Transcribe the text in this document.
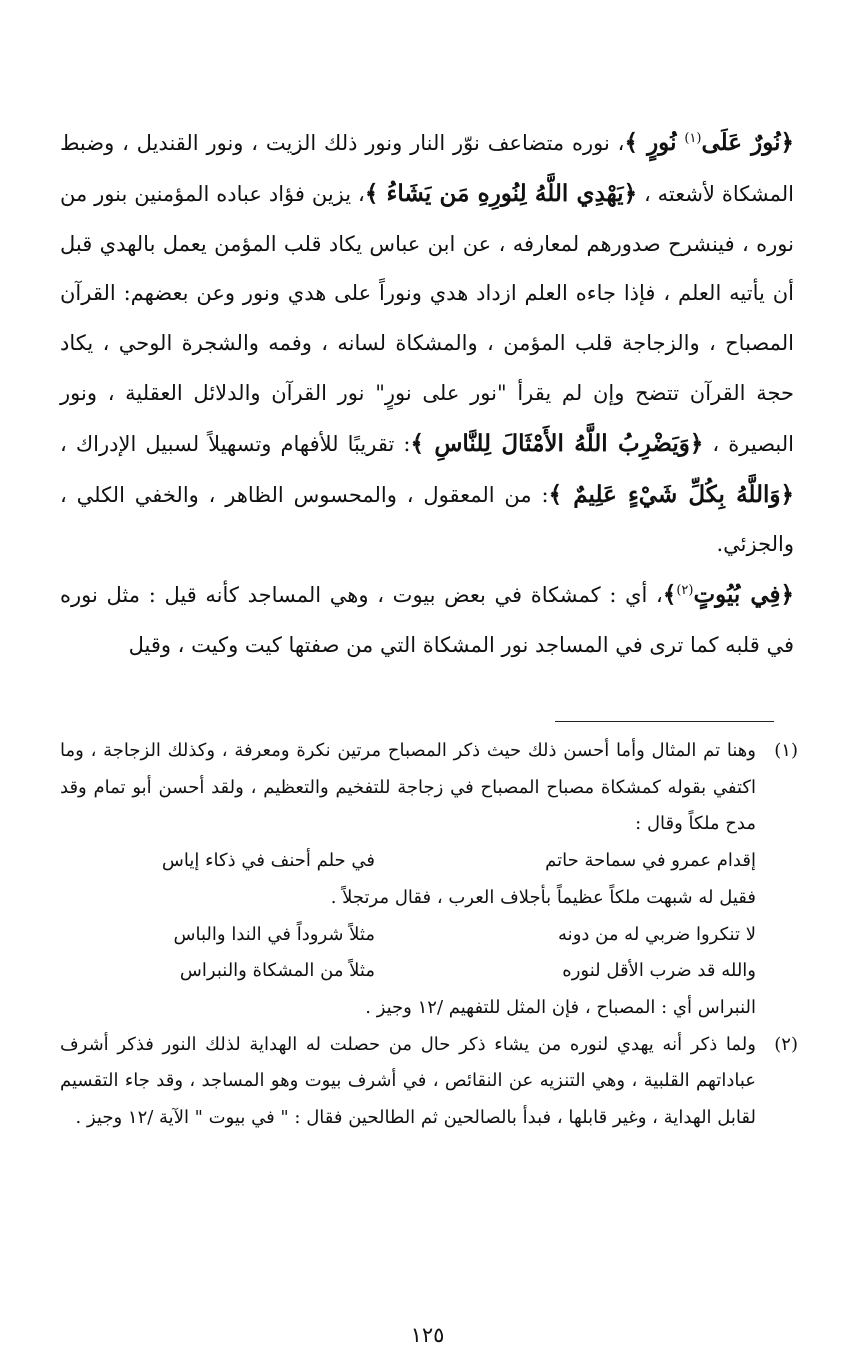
﴿نُورٌ عَلَى$^{(١)}$ نُورٍ ﴾، نوره متضاعف نوّر النار ونور ذلك الزيت ، ونور القنديل ، وضبط المشكاة لأشعته ، ﴿يَهْدِي اللَّهُ لِنُورِهِ مَن يَشَاءُ ﴾، يزين فؤاد عباده المؤمنين بنور من نوره ، فينشرح صدورهم لمعارفه ، عن ابن عباس يكاد قلب المؤمن يعمل بالهدي قبل أن يأتيه العلم ، فإذا جاءه العلم ازداد هدي ونوراً على هدي ونور وعن بعضهم: القرآن المصباح ، والزجاجة قلب المؤمن ، والمشكاة لسانه ، وفمه والشجرة الوحي ، يكاد حجة القرآن تتضح وإن لم يقرأ "نور على نورٍ" نور القرآن والدلائل العقلية ، ونور البصيرة ، ﴿وَيَضْرِبُ اللَّهُ الأَمْثَالَ لِلنَّاسِ ﴾: تقريبًا للأفهام وتسهيلاً لسبيل الإدراك ، ﴿وَاللَّهُ بِكُلِّ شَيْءٍ عَلِيمٌ ﴾: من المعقول ، والمحسوس الظاهر ، والخفي الكلي ، والجزئي.

﴿فِي بُيُوتٍ$^{(٢)}$﴾، أي : كمشكاة في بعض بيوت ، وهي المساجد كأنه قيل : مثل نوره في قلبه كما ترى في المساجد نور المشكاة التي من صفتها كيت وكيت ، وقيل

(١)

وهنا تم المثال وأما أحسن ذلك حيث ذكر المصباح مرتين نكرة ومعرفة ، وكذلك الزجاجة ، وما اكتفي بقوله كمشكاة مصباح المصباح في زجاجة للتفخيم والتعظيم ، ولقد أحسن أبو تمام وقد مدح ملكاً وقال :

إقدام عمرو في سماحة حاتم
في حلم أحنف في ذكاء إياس

فقيل له شبهت ملكاً عظيماً بأجلاف العرب ، فقال مرتجلاً .

لا تنكروا ضربي له من دونه
مثلاً شروداً في الندا والباس
والله قد ضرب الأقل لنوره
مثلاً من المشكاة والنبراس

النبراس أي : المصباح ، فإن المثل للتفهيم /١٢ وجيز .

(٢)

ولما ذكر أنه يهدي لنوره من يشاء ذكر حال من حصلت له الهداية لذلك النور فذكر أشرف عباداتهم القلبية ، وهي التنزيه عن النقائص ، في أشرف بيوت وهو المساجد ، وقد جاء التقسيم لقابل الهداية ، وغير قابلها ، فبدأ بالصالحين ثم الطالحين فقال : " في بيوت " الآية /١٢ وجيز .

١٢٥
